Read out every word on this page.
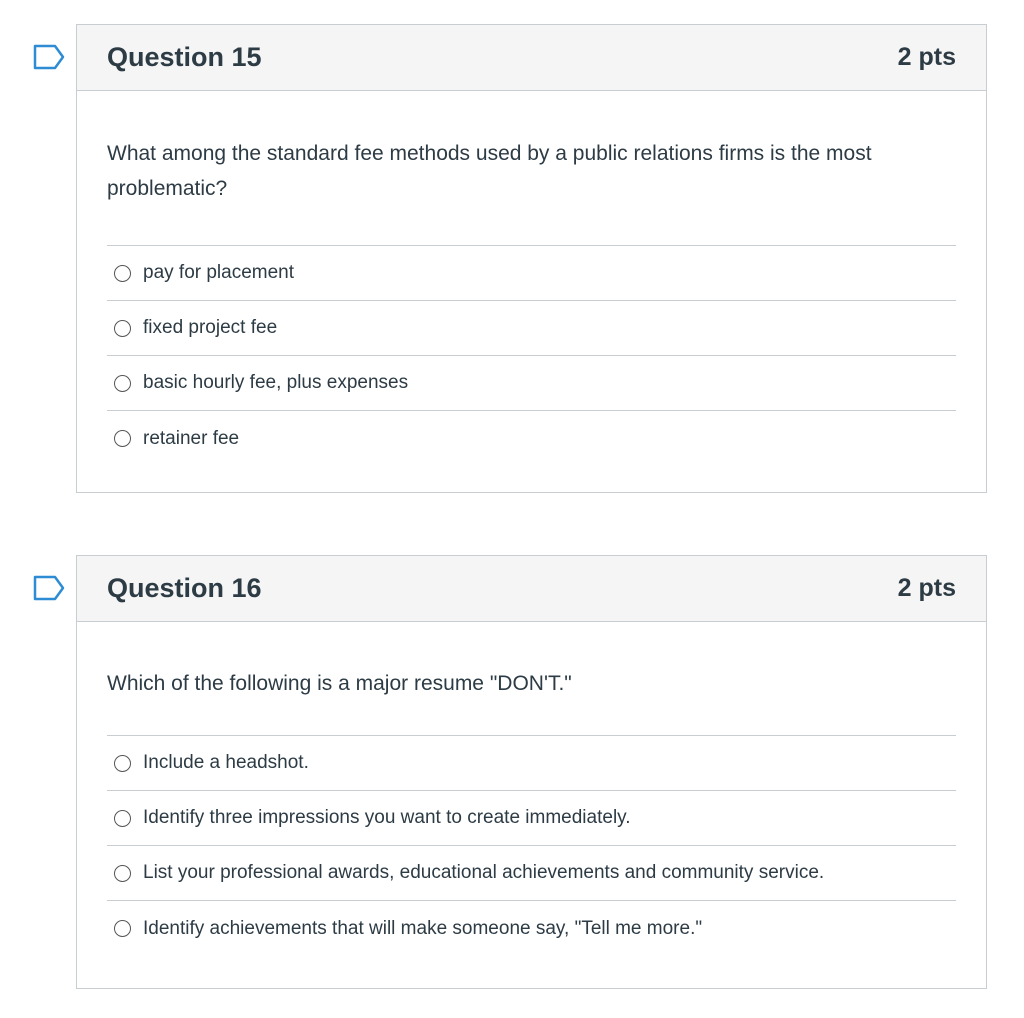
Question 15	2 pts
What among the standard fee methods used by a public relations firms is the most problematic?
pay for placement
fixed project fee
basic hourly fee, plus expenses
retainer fee
Question 16	2 pts
Which of the following is a major resume "DON'T."
Include a headshot.
Identify three impressions you want to create immediately.
List your professional awards, educational achievements and community service.
Identify achievements that will make someone say, "Tell me more."
